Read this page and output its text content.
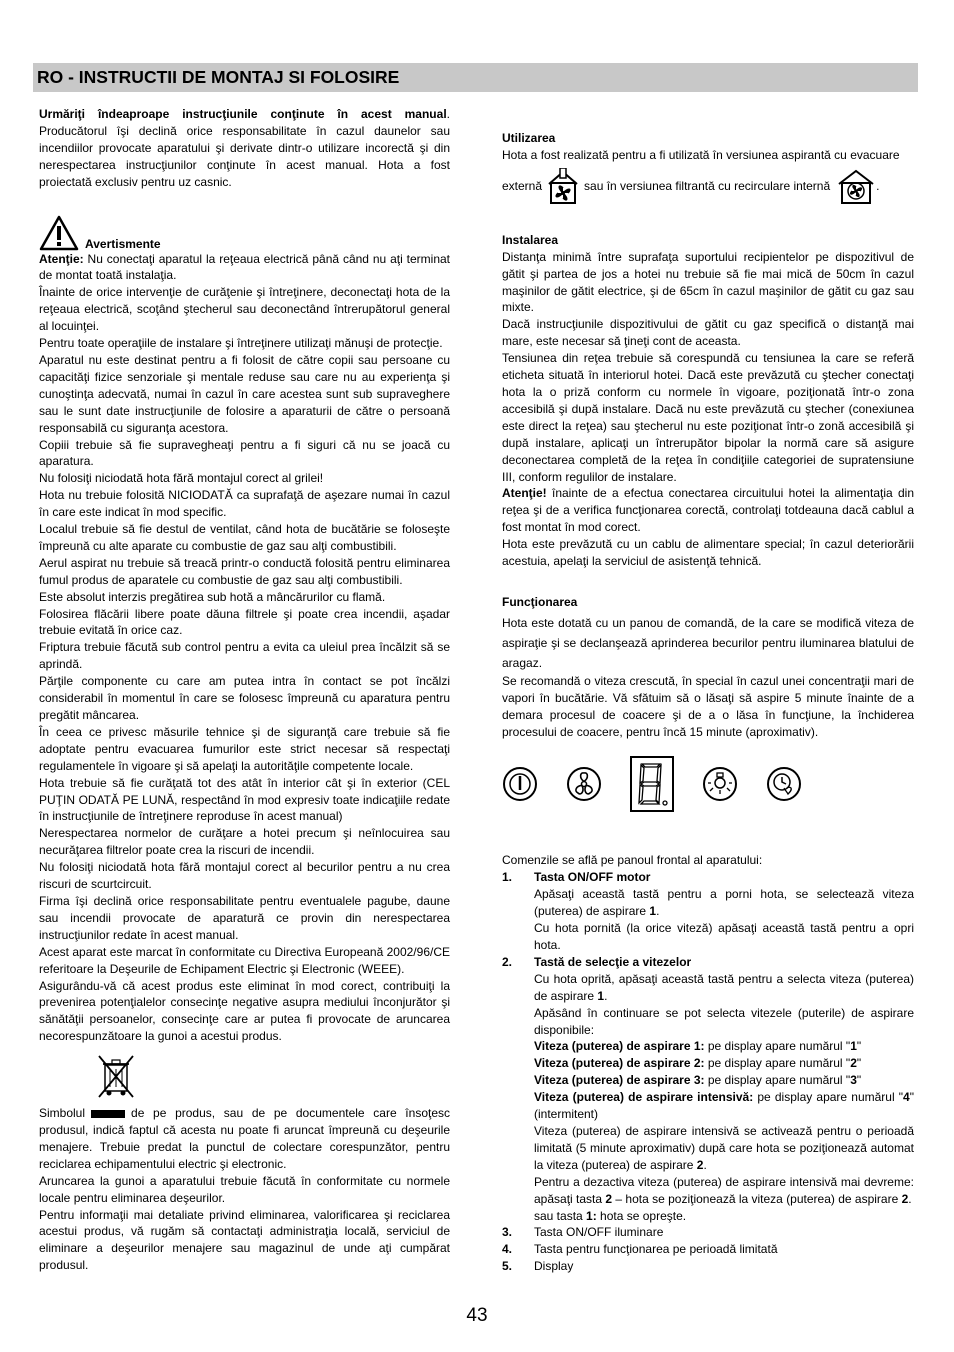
RO - INSTRUCTII DE MONTAJ SI FOLOSIRE

Urmăriţi îndeaproape instrucţiunile conţinute în acest manual. Producătorul îşi declină orice responsabilitate în cazul daunelor sau incendiilor provocate aparatului şi derivate dintr-o utilizare incorectă şi din nerespectarea instrucţiunilor conţinute în acest manual. Hota a fost proiectată exclusiv pentru uz casnic.

Avertismente

Atenţie: Nu conectaţi aparatul la reţeaua electrică până când nu aţi terminat de montat toată instalaţia.

Înainte de orice intervenţie de curăţenie şi întreţinere, deconectaţi hota de la reţeaua electrică, scoţând ştecherul sau deconectând întrerupătorul general al locuinţei.

Pentru toate operaţiile de instalare şi întreţinere utilizaţi mănuşi de protecţie.

Aparatul nu este destinat pentru a fi folosit de către copii sau persoane cu capacităţi fizice senzoriale şi mentale reduse sau care nu au experienţa şi cunoştinţa adecvată, numai în cazul în care acestea sunt sub supraveghere sau le sunt date instrucţiunile de folosire a aparaturii de către o persoană responsabilă cu siguranţa acestora.

Copiii trebuie să fie supravegheaţi pentru a fi siguri că nu se joacă cu aparatura.

Nu folosiţi niciodată hota fără montajul corect al grilei!

Hota nu trebuie folosită NICIODATĂ ca suprafaţă de aşezare numai în cazul în care este indicat în mod specific.

Localul trebuie să fie destul de ventilat, când hota de bucătărie se foloseşte împreună cu alte aparate cu combustie de gaz sau alţi combustibili.

Aerul aspirat nu trebuie să treacă printr-o conductă folosită pentru eliminarea fumul produs de aparatele cu combustie de gaz sau alţi combustibili.

Este absolut interzis pregătirea sub hotă a mâncărurilor cu flamă.

Folosirea flăcării libere poate dăuna filtrele şi poate crea incendii, aşadar trebuie evitată în orice caz.

Friptura trebuie făcută sub control pentru a evita ca uleiul prea încălzit să se aprindă.

Părţile componente cu care am putea intra în contact se pot încălzi considerabil în momentul în care se folosesc împreună cu aparatura pentru pregătit mâncarea.

În ceea ce privesc măsurile tehnice şi de siguranţă care trebuie să fie adoptate pentru evacuarea fumurilor este strict necesar să respectaţi regulamentele în vigoare şi să apelaţi la autorităţile competente locale.

Hota trebuie să fie curăţată tot des atât în interior cât şi în exterior (CEL PUŢIN ODATĂ PE LUNĂ, respectând în mod expresiv toate indicaţiile redate în instrucţiunile de întreţinere reproduse în acest manual)

Nerespectarea normelor de curăţare a hotei precum şi neînlocuirea sau necurăţarea filtrelor poate crea la riscuri de incendii.

Nu folosiţi niciodată hota fără montajul corect al becurilor pentru a nu crea riscuri de scurtcircuit.

Firma îşi declină orice responsabilitate pentru eventualele pagube, daune sau incendii provocate de aparatură ce provin din nerespectarea instrucţiunilor redate în acest manual.

Acest aparat este marcat în conformitate cu Directiva Europeană 2002/96/CE referitoare la Deşeurile de Echipament Electric şi Electronic (WEEE).

Asigurându-vă că acest produs este eliminat în mod corect, contribuiţi la prevenirea potenţialelor consecinţe negative asupra mediului înconjurător şi sănătăţii persoanelor, consecinţe care ar putea fi provocate de aruncarea necorespunzătoare la gunoi a acestui produs.

Simbolul	de pe produs, sau de pe documentele care însoţesc produsul, indică faptul că acesta nu poate fi aruncat împreună cu deşeurile menajere. Trebuie predat la punctul de colectare corespunzător, pentru reciclarea echipamentului electric şi electronic.

Aruncarea la gunoi a aparatului trebuie făcută în conformitate cu normele locale pentru eliminarea deşeurilor.

Pentru informaţii mai detaliate privind eliminarea, valorificarea şi reciclarea acestui produs, vă rugăm să contactaţi administraţia locală, serviciul de eliminare a deşeurilor menajere sau magazinul de unde aţi cumpărat produsul.

Utilizarea

Hota a fost realizată pentru a fi utilizată în versiunea aspirantă cu evacuare

externă	sau în versiunea filtrantă cu recirculare internă	.

Instalarea

Distanţa minimă între suprafaţa suportului recipientelor pe dispozitivul de gătit şi partea de jos a hotei nu trebuie să fie mai mică de 50cm în cazul maşinilor de gătit electrice, şi de 65cm în cazul maşinilor de gătit cu gaz sau mixte.

Dacă instrucţiunile dispozitivului de gătit cu gaz specifică o distanţă mai mare, este necesar să ţineţi cont de aceasta.

Tensiunea din reţea trebuie să corespundă cu tensiunea la care se referă eticheta situată în interiorul hotei. Dacă este prevăzută cu ştecher conectaţi hota la o priză conform cu normele în vigoare, poziţionată într-o zona accesibilă şi după instalare. Dacă nu este prevăzută cu ştecher (conexiunea este direct la reţea) sau ştecherul nu este poziţionat într-o zonă accesibilă şi după instalare, aplicaţi un întrerupător bipolar la normă care să asigure deconectarea completă de la reţea în condiţiile categoriei de supratensiune III, conform regulilor de instalare.

Atenţie! înainte de a efectua conectarea circuitului hotei la alimentaţia din reţea şi de a verifica funcţionarea corectă, controlaţi totdeauna dacă cablul a fost montat în mod corect.

Hota este prevăzută cu un cablu de alimentare special; în cazul deteriorării acestuia, apelaţi la serviciul de asistenţă tehnică.

Funcţionarea

Hota este dotată cu un panou de comandă, de la care se modifică viteza de aspiraţie şi se declanşează aprinderea becurilor pentru iluminarea blatului de aragaz.

Se recomandă o viteza crescută, în special în cazul unei concentraţii mari de vapori în bucătărie. Vă sfătuim să o lăsaţi să aspire 5 minute înainte de a demara procesul de coacere şi de a o lăsa în funcţiune, la închiderea procesului de coacere, pentru încă 15 minute (aproximativ).

Comenzile se află pe panoul frontal al aparatului:

1.	Tasta ON/OFF motor

Apăsaţi această tastă pentru a porni hota, se selectează viteza (puterea) de aspirare 1.

Cu hota pornită (la orice viteză) apăsaţi această tastă pentru a opri hota.

2.	Tastă de selecţie a vitezelor

Cu hota oprită, apăsaţi această tastă pentru a selecta viteza (puterea) de aspirare 1.

Apăsând în continuare se pot selecta vitezele (puterile) de aspirare disponibile:

Viteza (puterea) de aspirare 1: pe display apare numărul "1"

Viteza (puterea) de aspirare 2: pe display apare numărul "2"

Viteza (puterea) de aspirare 3: pe display apare numărul "3"

Viteza (puterea) de aspirare intensivă: pe display apare numărul "4" (intermitent)

Viteza (puterea) de aspirare intensivă se activează pentru o perioadă limitată (5 minute aproximativ) după care hota se poziţionează automat la viteza (puterea) de aspirare 2.

Pentru a dezactiva viteza (puterea) de aspirare intensivă mai devreme: apăsaţi tasta 2 – hota se poziţionează la viteza (puterea) de aspirare 2.

sau tasta 1: hota se opreşte.

3.	Tasta ON/OFF iluminare
4.	Tasta pentru funcţionarea pe perioadă limitată
5.	Display
43
